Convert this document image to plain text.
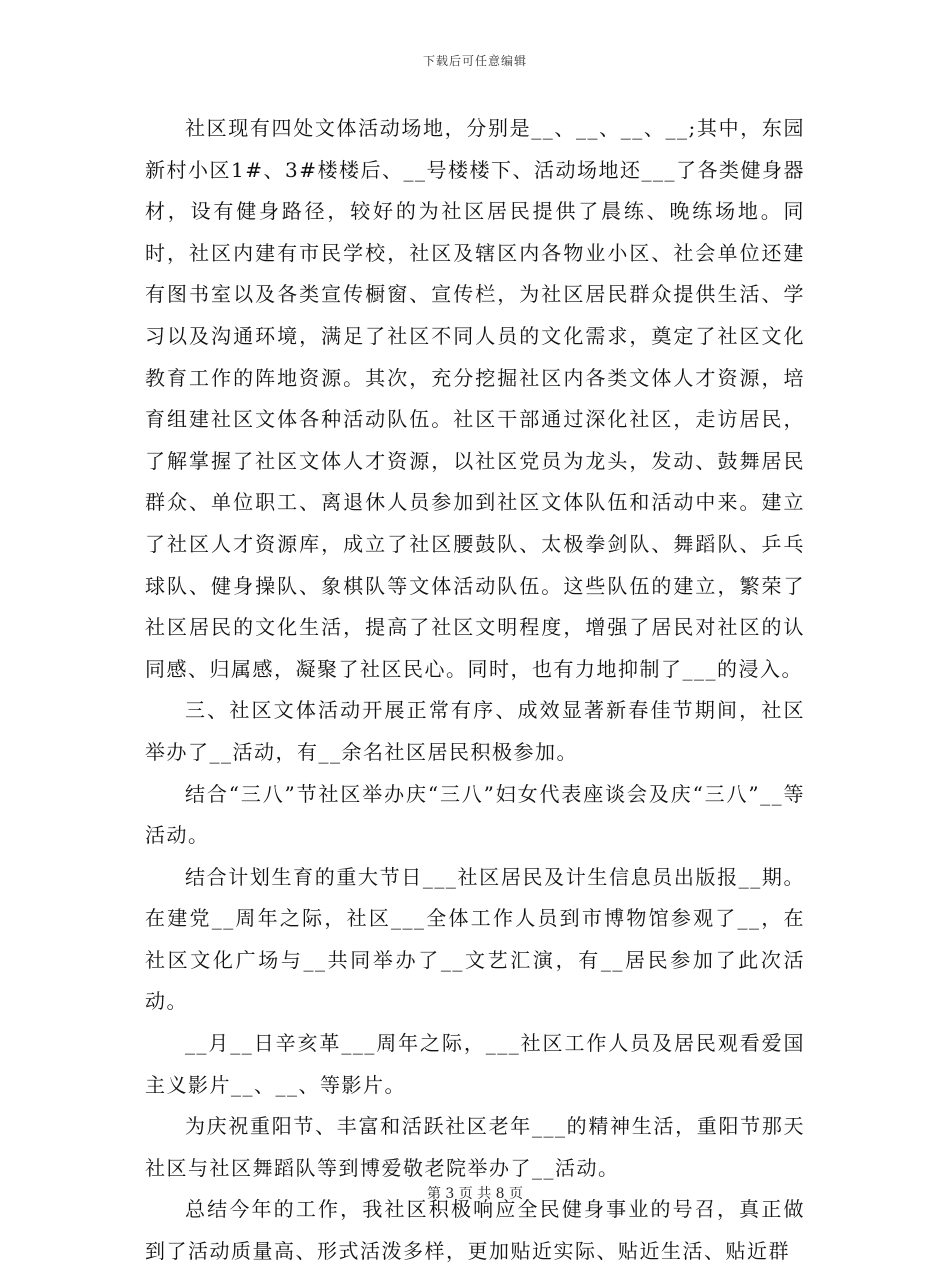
下载后可任意编辑

社区现有四处文体活动场地，分别是__、__、__、__;其中，东园新村小区1#、3#楼楼后、__号楼楼下、活动场地还___了各类健身器材，设有健身路径，较好的为社区居民提供了晨练、晚练场地。同时，社区内建有市民学校，社区及辖区内各物业小区、社会单位还建有图书室以及各类宣传橱窗、宣传栏，为社区居民群众提供生活、学习以及沟通环境，满足了社区不同人员的文化需求，奠定了社区文化教育工作的阵地资源。其次，充分挖掘社区内各类文体人才资源，培育组建社区文体各种活动队伍。社区干部通过深化社区，走访居民，了解掌握了社区文体人才资源，以社区党员为龙头，发动、鼓舞居民群众、单位职工、离退休人员参加到社区文体队伍和活动中来。建立了社区人才资源库，成立了社区腰鼓队、太极拳剑队、舞蹈队、乒乓球队、健身操队、象棋队等文体活动队伍。这些队伍的建立，繁荣了社区居民的文化生活，提高了社区文明程度，增强了居民对社区的认同感、归属感，凝聚了社区民心。同时，也有力地抑制了___的浸入。

三、社区文体活动开展正常有序、成效显著新春佳节期间，社区举办了__活动，有__余名社区居民积极参加。

结合“三八”节社区举办庆“三八”妇女代表座谈会及庆“三八”__等活动。

结合计划生育的重大节日___社区居民及计生信息员出版报__期。在建党__周年之际，社区___全体工作人员到市博物馆参观了__，在社区文化广场与__共同举办了__文艺汇演，有__居民参加了此次活动。

__月__日辛亥革___周年之际，___社区工作人员及居民观看爱国主义影片__、__、等影片。

为庆祝重阳节、丰富和活跃社区老年___的精神生活，重阳节那天社区与社区舞蹈队等到博爱敬老院举办了__活动。

总结今年的工作，我社区积极响应全民健身事业的号召，真正做到了活动质量高、形式活泼多样，更加贴近实际、贴近生活、贴近群

第 3 页 共 8 页
